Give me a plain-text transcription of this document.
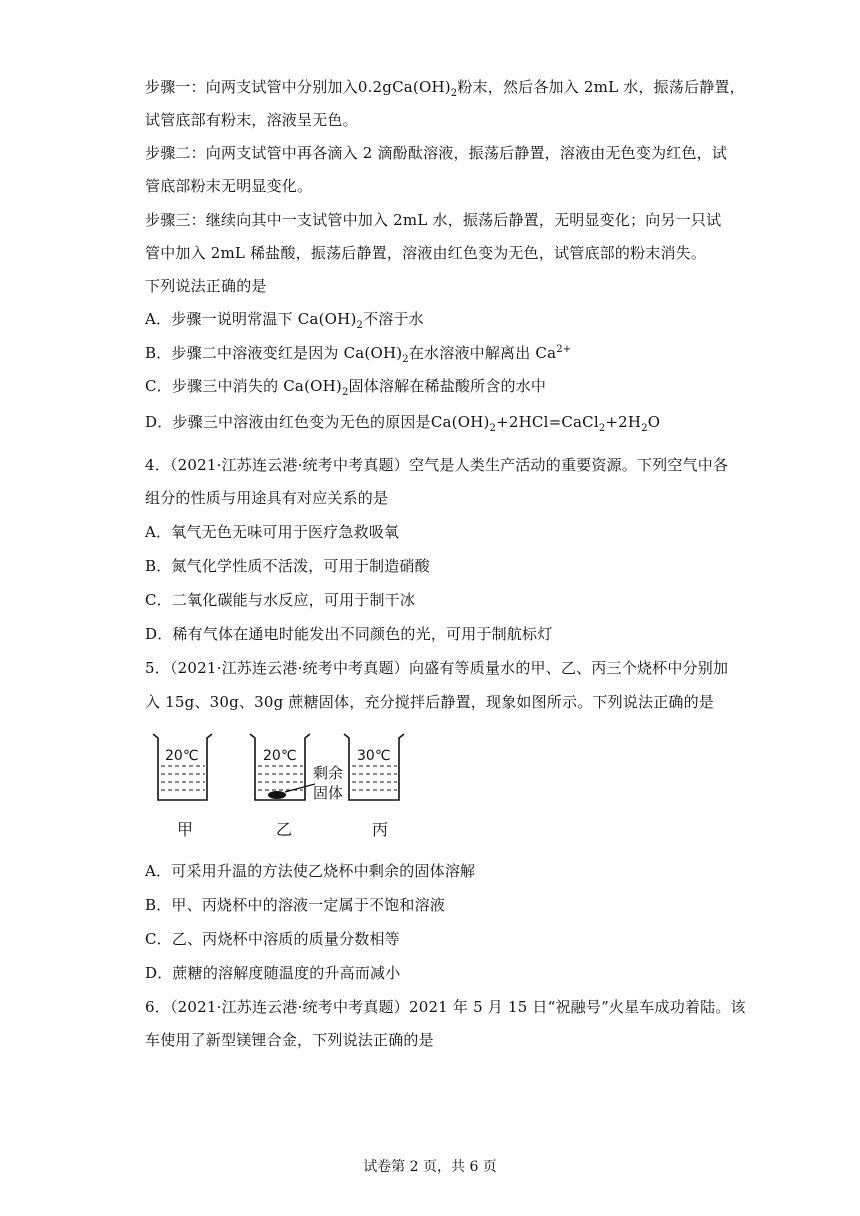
步骤一：向两支试管中分别加入$0.2gCa(OH)_2$粉末，然后各加入 2mL 水，振荡后静置，
试管底部有粉末，溶液呈无色。
步骤二：向两支试管中再各滴入 2 滴酚酞溶液，振荡后静置，溶液由无色变为红色，试
管底部粉末无明显变化。
步骤三：继续向其中一支试管中加入 2mL 水，振荡后静置，无明显变化；向另一只试
管中加入 2mL 稀盐酸，振荡后静置，溶液由红色变为无色，试管底部的粉末消失。
下列说法正确的是
A．步骤一说明常温下 $Ca(OH)_2$不溶于水
B．步骤二中溶液变红是因为 $Ca(OH)_2$在水溶液中解离出 $Ca^{2+}$
C．步骤三中消失的 $Ca(OH)_2$固体溶解在稀盐酸所含的水中
D．步骤三中溶液由红色变为无色的原因是$Ca(OH)_2+2HCl=CaCl_2+2H_2O$
4．（2021·江苏连云港·统考中考真题）空气是人类生产活动的重要资源。下列空气中各
组分的性质与用途具有对应关系的是
A．氧气无色无味可用于医疗急救吸氧
B．氮气化学性质不活泼，可用于制造硝酸
C．二氧化碳能与水反应，可用于制干冰
D．稀有气体在通电时能发出不同颜色的光，可用于制航标灯
5．（2021·江苏连云港·统考中考真题）向盛有等质量水的甲、乙、丙三个烧杯中分别加
入 15g、30g、30g 蔗糖固体，充分搅拌后静置，现象如图所示。下列说法正确的是
20℃	20℃	30℃
剩余
固体
甲	乙	丙
A．可采用升温的方法使乙烧杯中剩余的固体溶解
B．甲、丙烧杯中的溶液一定属于不饱和溶液
C．乙、丙烧杯中溶质的质量分数相等
D．蔗糖的溶解度随温度的升高而减小
6．（2021·江苏连云港·统考中考真题）2021 年 5 月 15 日“祝融号”火星车成功着陆。该
车使用了新型镁锂合金，下列说法正确的是
试卷第 2 页，共 6 页
